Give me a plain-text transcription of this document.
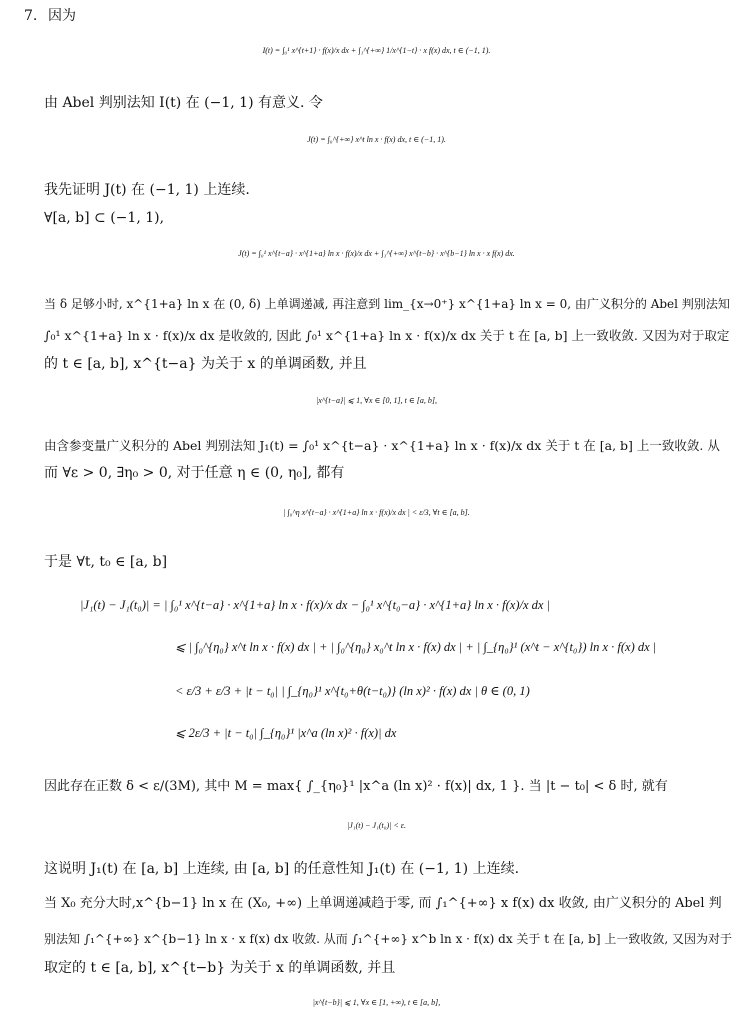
7. 因为
I(t) = ∫₀¹ x^{t+1} · f(x)/x dx + ∫₁^{+∞} 1/x^{1−t} · x f(x) dx, t ∈ (−1, 1).
由 Abel 判别法知 I(t) 在 (−1, 1) 有意义. 令
J(t) = ∫₀^{+∞} x^t ln x · f(x) dx, t ∈ (−1, 1).
我先证明 J(t) 在 (−1, 1) 上连续.
∀[a, b] ⊂ (−1, 1),
J(t) = ∫₀¹ x^{t−a} · x^{1+a} ln x · f(x)/x dx + ∫₁^{+∞} x^{t−b} · x^{b−1} ln x · x f(x) dx.
当 δ 足够小时, x^{1+a} ln x 在 (0, δ) 上单调递减, 再注意到 lim_{x→0⁺} x^{1+a} ln x = 0, 由广义积分的 Abel 判别法知
∫₀¹ x^{1+a} ln x · f(x)/x dx 是收敛的, 因此 ∫₀¹ x^{1+a} ln x · f(x)/x dx 关于 t 在 [a, b] 上一致收敛. 又因为对于取定
的 t ∈ [a, b], x^{t−a} 为关于 x 的单调函数, 并且
|x^{t−a}| ⩽ 1, ∀x ∈ [0, 1], t ∈ [a, b],
由含参变量广义积分的 Abel 判别法知 J₁(t) = ∫₀¹ x^{t−a} · x^{1+a} ln x · f(x)/x dx 关于 t 在 [a, b] 上一致收敛. 从
而 ∀ε > 0, ∃η₀ > 0, 对于任意 η ∈ (0, η₀], 都有
| ∫₀^η x^{t−a} · x^{1+a} ln x · f(x)/x dx | < ε/3, ∀t ∈ [a, b].
于是 ∀t, t₀ ∈ [a, b]
|J₁(t) − J₁(t₀)| = | ∫₀¹ x^{t−a} · x^{1+a} ln x · f(x)/x dx − ∫₀¹ x^{t₀−a} · x^{1+a} ln x · f(x)/x dx |
⩽ | ∫₀^{η₀} x^t ln x · f(x) dx | + | ∫₀^{η₀} x₀^t ln x · f(x) dx | + | ∫_{η₀}¹ (x^t − x^{t₀}) ln x · f(x) dx |
< ε/3 + ε/3 + |t − t₀| | ∫_{η₀}¹ x^{t₀+θ(t−t₀)} (ln x)² · f(x) dx | θ ∈ (0, 1)
⩽ 2ε/3 + |t − t₀| ∫_{η₀}¹ |x^a (ln x)² · f(x)| dx
因此存在正数 δ < ε/(3M), 其中 M = max{ ∫_{η₀}¹ |x^a (ln x)² · f(x)| dx, 1 }. 当 |t − t₀| < δ 时, 就有
|J₁(t) − J₁(t₀)| < ε.
这说明 J₁(t) 在 [a, b] 上连续, 由 [a, b] 的任意性知 J₁(t) 在 (−1, 1) 上连续.
当 X₀ 充分大时,x^{b−1} ln x 在 (X₀, +∞) 上单调递减趋于零, 而 ∫₁^{+∞} x f(x) dx 收敛, 由广义积分的 Abel 判
别法知 ∫₁^{+∞} x^{b−1} ln x · x f(x) dx 收敛. 从而 ∫₁^{+∞} x^b ln x · f(x) dx 关于 t 在 [a, b] 上一致收敛, 又因为对于
取定的 t ∈ [a, b], x^{t−b} 为关于 x 的单调函数, 并且
|x^{t−b}| ⩽ 1, ∀x ∈ [1, +∞), t ∈ [a, b],
